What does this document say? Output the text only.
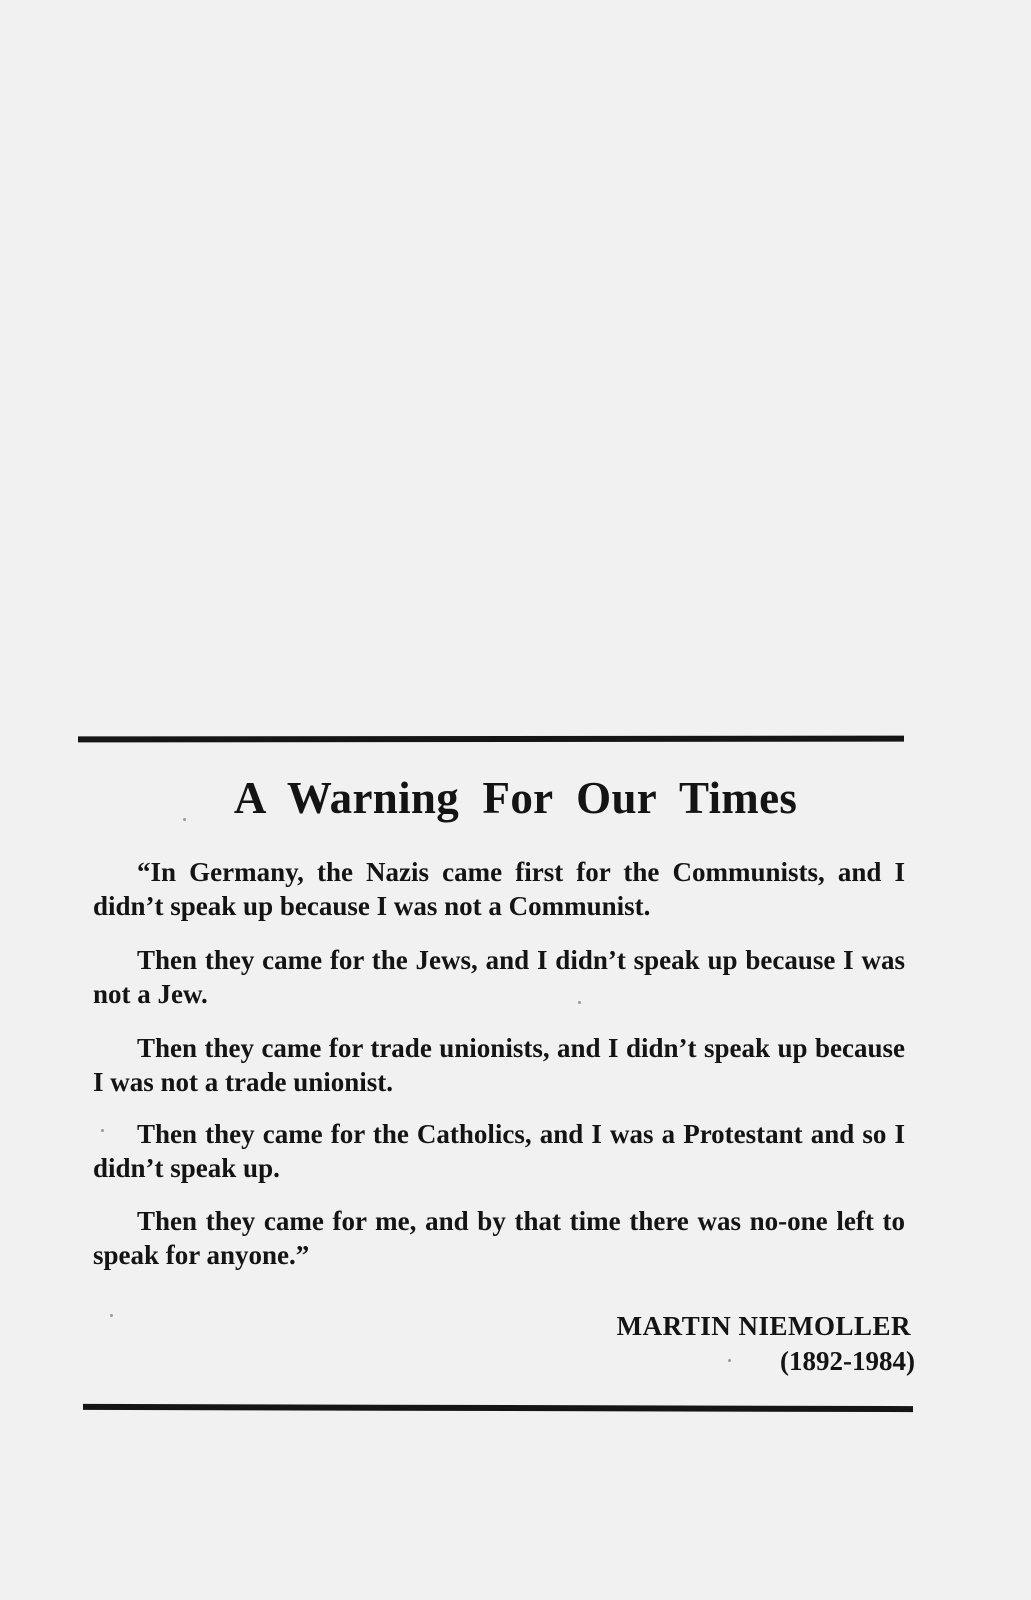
A Warning For Our Times

“In Germany, the Nazis came first for the Communists, and I didn’t speak up because I was not a Communist.

Then they came for the Jews, and I didn’t speak up because I was not a Jew.

Then they came for trade unionists, and I didn’t speak up because I was not a trade unionist.

Then they came for the Catholics, and I was a Protestant and so I didn’t speak up.

Then they came for me, and by that time there was no-one left to speak for anyone.”

MARTIN NIEMOLLER
(1892-1984)
